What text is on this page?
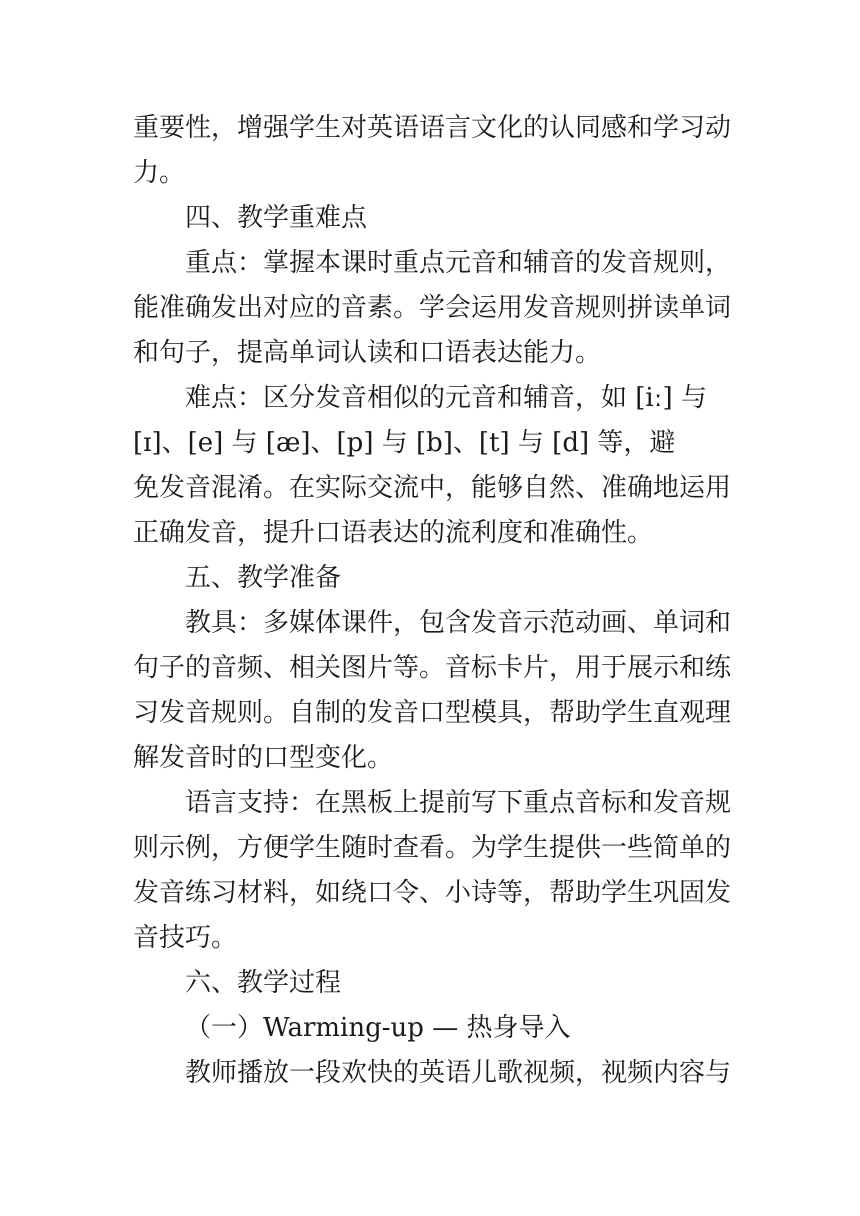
重要性，增强学生对英语语言文化的认同感和学习动
力。
四、教学重难点
重点：掌握本课时重点元音和辅音的发音规则，
能准确发出对应的音素。学会运用发音规则拼读单词
和句子，提高单词认读和口语表达能力。
难点：区分发音相似的元音和辅音，如 [iː] 与
[ɪ]、[e] 与 [æ]、[p] 与 [b]、[t] 与 [d] 等，避
免发音混淆。在实际交流中，能够自然、准确地运用
正确发音，提升口语表达的流利度和准确性。
五、教学准备
教具：多媒体课件，包含发音示范动画、单词和
句子的音频、相关图片等。音标卡片，用于展示和练
习发音规则。自制的发音口型模具，帮助学生直观理
解发音时的口型变化。
语言支持：在黑板上提前写下重点音标和发音规
则示例，方便学生随时查看。为学生提供一些简单的
发音练习材料，如绕口令、小诗等，帮助学生巩固发
音技巧。
六、教学过程
（一）Warming-up — 热身导入
教师播放一段欢快的英语儿歌视频，视频内容与
